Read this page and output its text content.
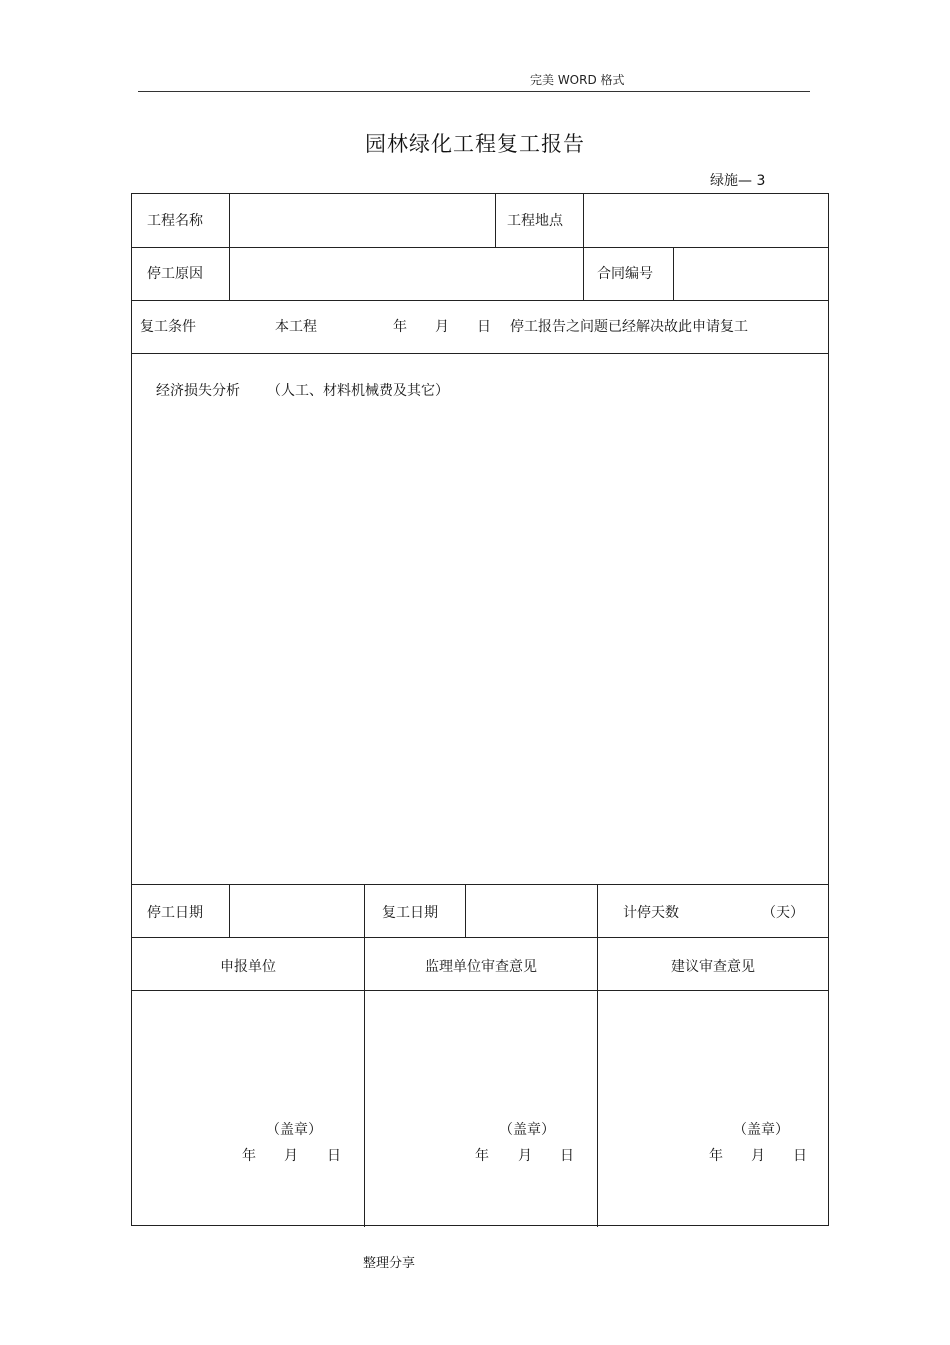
完美 WORD 格式
园林绿化工程复工报告
绿施— 3
工程名称	工程地点
停工原因	合同编号
复工条件	本工程	年 月 日 停工报告之问题已经解决故此申请复工
经济损失分析 （人工、材料机械费及其它）
停工日期	复工日期	计停天数	（天）
申报单位	监理单位审查意见	建议审查意见
（盖章）
年 月 日
（盖章）
年 月 日
（盖章）
年 月 日
整理分享
